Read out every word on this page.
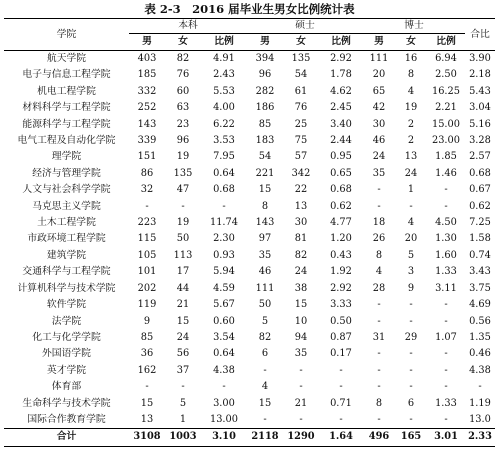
表 2-3　2016 届毕业生男女比例统计表
学院	本科			硕士			博士			合比
	男	女	比例	男	女	比例	男	女	比例	
航天学院	403	82	4.91	394	135	2.92	111	16	6.94	3.90
电子与信息工程学院	185	76	2.43	96	54	1.78	20	8	2.50	2.18
机电工程学院	332	60	5.53	282	61	4.62	65	4	16.25	5.43
材料科学与工程学院	252	63	4.00	186	76	2.45	42	19	2.21	3.04
能源科学与工程学院	143	23	6.22	85	25	3.40	30	2	15.00	5.16
电气工程及自动化学院	339	96	3.53	183	75	2.44	46	2	23.00	3.28
理学院	151	19	7.95	54	57	0.95	24	13	1.85	2.57
经济与管理学院	86	135	0.64	221	342	0.65	35	24	1.46	0.68
人文与社会科学学院	32	47	0.68	15	22	0.68	-	1	-	0.67
马克思主义学院	-	-	-	8	13	0.62	-	-	-	0.62
土木工程学院	223	19	11.74	143	30	4.77	18	4	4.50	7.25
市政环境工程学院	115	50	2.30	97	81	1.20	26	20	1.30	1.58
建筑学院	105	113	0.93	35	82	0.43	8	5	1.60	0.74
交通科学与工程学院	101	17	5.94	46	24	1.92	4	3	1.33	3.43
计算机科学与技术学院	202	44	4.59	111	38	2.92	28	9	3.11	3.75
软件学院	119	21	5.67	50	15	3.33	-	-	-	4.69
法学院	9	15	0.60	5	10	0.50	-	-	-	0.56
化工与化学学院	85	24	3.54	82	94	0.87	31	29	1.07	1.35
外国语学院	36	56	0.64	6	35	0.17	-	-	-	0.46
英才学院	162	37	4.38	-	-	-	-	-	-	4.38
体育部	-	-	-	4	-	-	-	-	-	-
生命科学与技术学院	15	5	3.00	15	21	0.71	8	6	1.33	1.19
国际合作教育学院	13	1	13.00	-	-	-	-	-	-	13.0
合计	3108	1003	3.10	2118	1290	1.64	496	165	3.01	2.33
